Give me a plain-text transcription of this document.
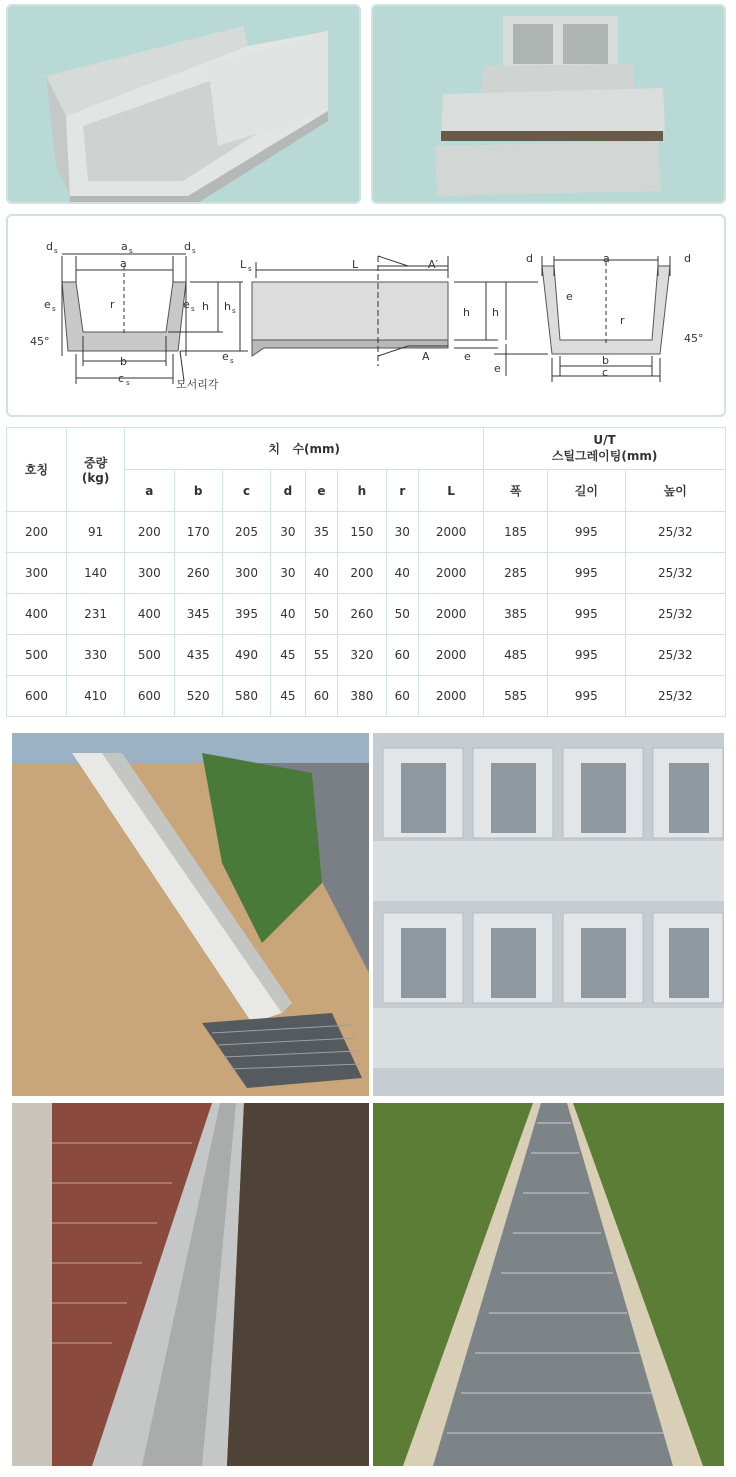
d s	a s	d s
a
r
e s	e s h h s
45°
b
c s
e s
모서리각
L s	L	A′
h
A	e
d	a	d
e
r
h
e
b
c
45°
호칭	중량
(kg)	치   수(mm)								U/T
스틸그레이팅(mm)		
		a	b	c	d	e	h	r	L	폭	길이	높이
200	91	200	170	205	30	35	150	30	2000	185	995	25/32
300	140	300	260	300	30	40	200	40	2000	285	995	25/32
400	231	400	345	395	40	50	260	50	2000	385	995	25/32
500	330	500	435	490	45	55	320	60	2000	485	995	25/32
600	410	600	520	580	45	60	380	60	2000	585	995	25/32
